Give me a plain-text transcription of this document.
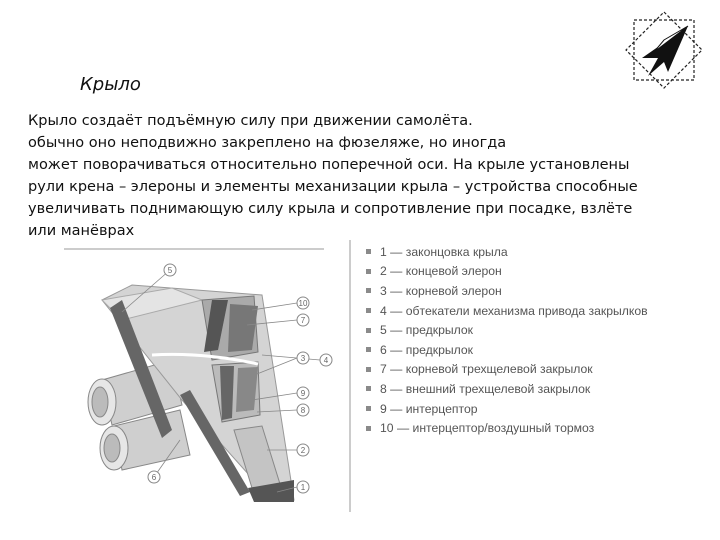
Крыло
Крыло создаёт подъёмную силу при движении самолёта.
обычно оно неподвижно закреплено на фюзеляже, но иногда
может поворачиваться относительно поперечной оси. На крыле установлены
рули крена – элероны и элементы механизации крыла – устройства способные
увеличивать поднимающую силу крыла и сопротивление при посадке, взлёте
или манёврах
5
10
7
3 4
9
8
2
6
1
1 — законцовка крыла
2 — концевой элерон
3 — корневой элерон
4 — обтекатели механизма привода закрылков
5 — предкрылок
6 — предкрылок
7 — корневой трехщелевой закрылок
8 — внешний трехщелевой закрылок
9 — интерцептор
10 — интерцептор/воздушный тормоз
